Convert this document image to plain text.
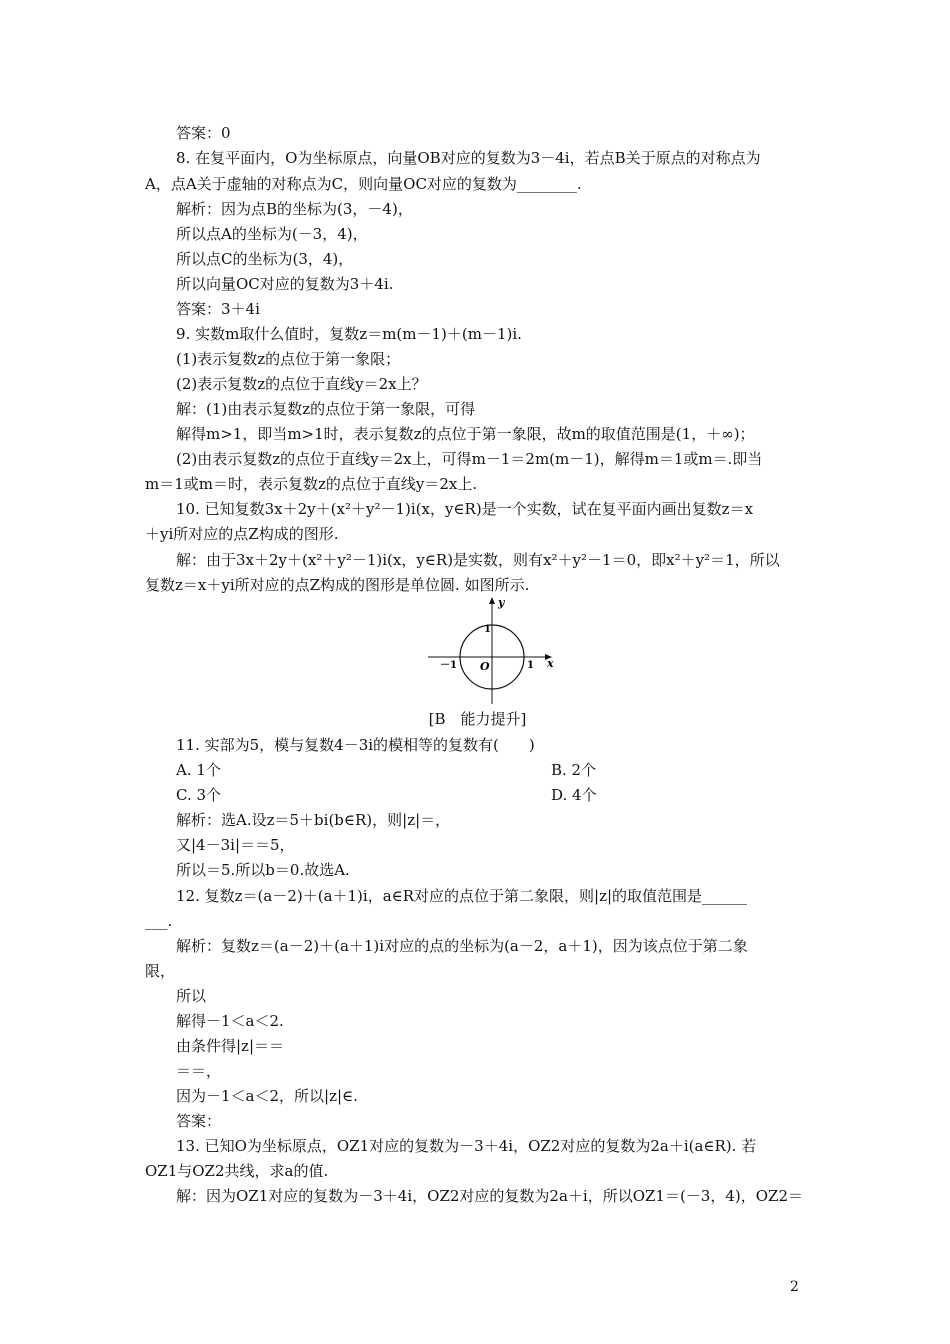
答案：0
8. 在复平面内，O为坐标原点，向量OB对应的复数为3－4i，若点B关于原点的对称点为
A，点A关于虚轴的对称点为C，则向量OC对应的复数为________.
解析：因为点B的坐标为(3，－4)，
所以点A的坐标为(－3，4)，
所以点C的坐标为(3，4)，
所以向量OC对应的复数为3＋4i.
答案：3＋4i
9. 实数m取什么值时，复数z＝m(m－1)＋(m－1)i.
(1)表示复数z的点位于第一象限；
(2)表示复数z的点位于直线y＝2x上？
解：(1)由表示复数z的点位于第一象限，可得
解得m>1，即当m>1时，表示复数z的点位于第一象限，故m的取值范围是(1，＋∞)；
(2)由表示复数z的点位于直线y＝2x上，可得m－1＝2m(m－1)，解得m＝1或m＝.即当
m＝1或m＝时，表示复数z的点位于直线y＝2x上.
10. 已知复数3x＋2y＋(x²＋y²－1)i(x，y∈R)是一个实数，试在复平面内画出复数z＝x
＋yi所对应的点Z构成的图形.
解：由于3x＋2y＋(x²＋y²－1)i(x，y∈R)是实数，则有x²＋y²－1＝0，即x²＋y²＝1，所以
复数z＝x＋yi所对应的点Z构成的图形是单位圆. 如图所示.
y
x
O
1
1
－1
[B　能力提升]
11. 实部为5，模与复数4－3i的模相等的复数有(　　)
A. 1个	B. 2个
C. 3个	D. 4个
解析：选A.设z＝5＋bi(b∈R)，则|z|＝，
又|4－3i|＝＝5，
所以＝5.所以b＝0.故选A.
12. 复数z＝(a－2)＋(a＋1)i，a∈R对应的点位于第二象限，则|z|的取值范围是______
___.
解析：复数z＝(a－2)＋(a＋1)i对应的点的坐标为(a－2，a＋1)，因为该点位于第二象
限，
所以
解得－1＜a＜2.
由条件得|z|＝＝
＝＝，
因为－1＜a＜2，所以|z|∈.
答案：
13. 已知O为坐标原点，OZ1对应的复数为－3＋4i，OZ2对应的复数为2a＋i(a∈R). 若
OZ1与OZ2共线，求a的值.
解：因为OZ1对应的复数为－3＋4i，OZ2对应的复数为2a＋i，所以OZ1＝(－3，4)，OZ2＝
2
